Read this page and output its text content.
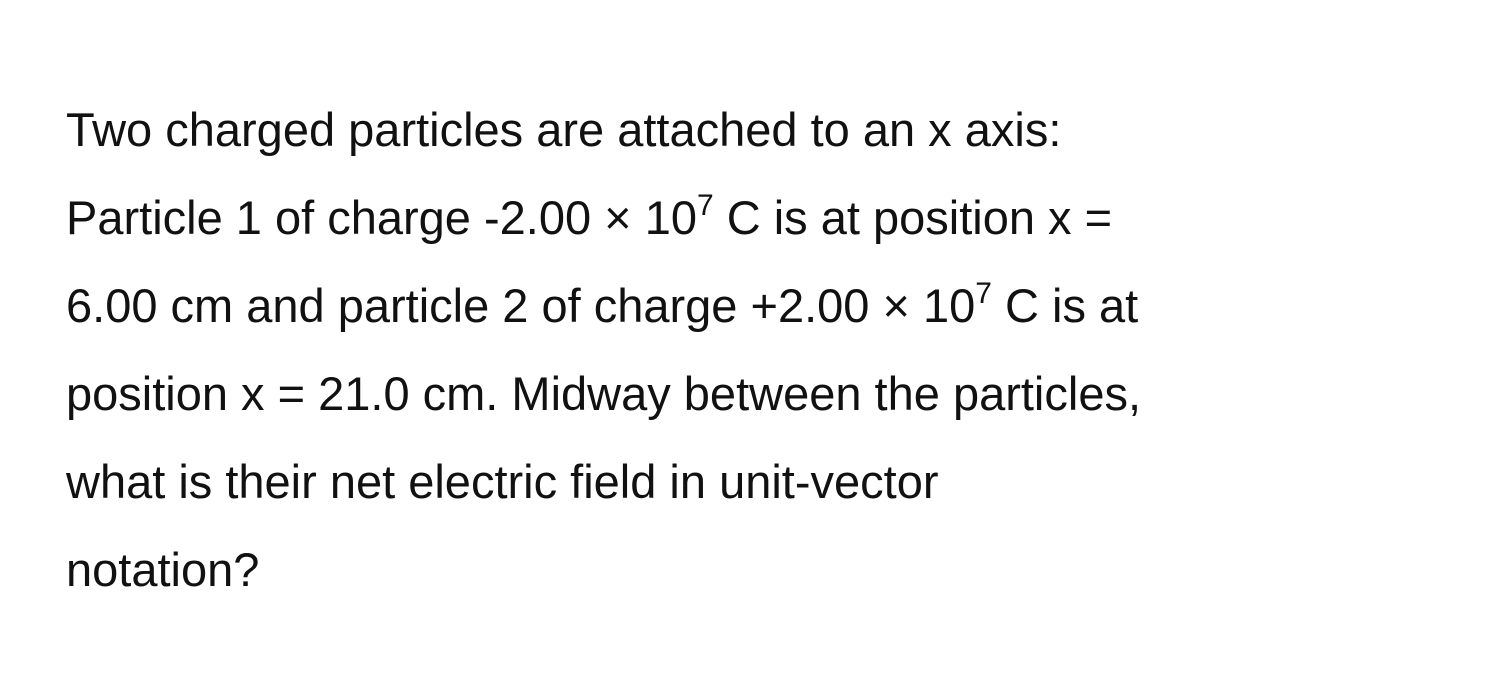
Two charged particles are attached to an x axis:
Particle 1 of charge $-2.00 \times 10^7$ C is at position x =
6.00 cm and particle 2 of charge $+2.00 \times 10^7$ C is at
position x = 21.0 cm. Midway between the particles,
what is their net electric field in unit-vector
notation?
